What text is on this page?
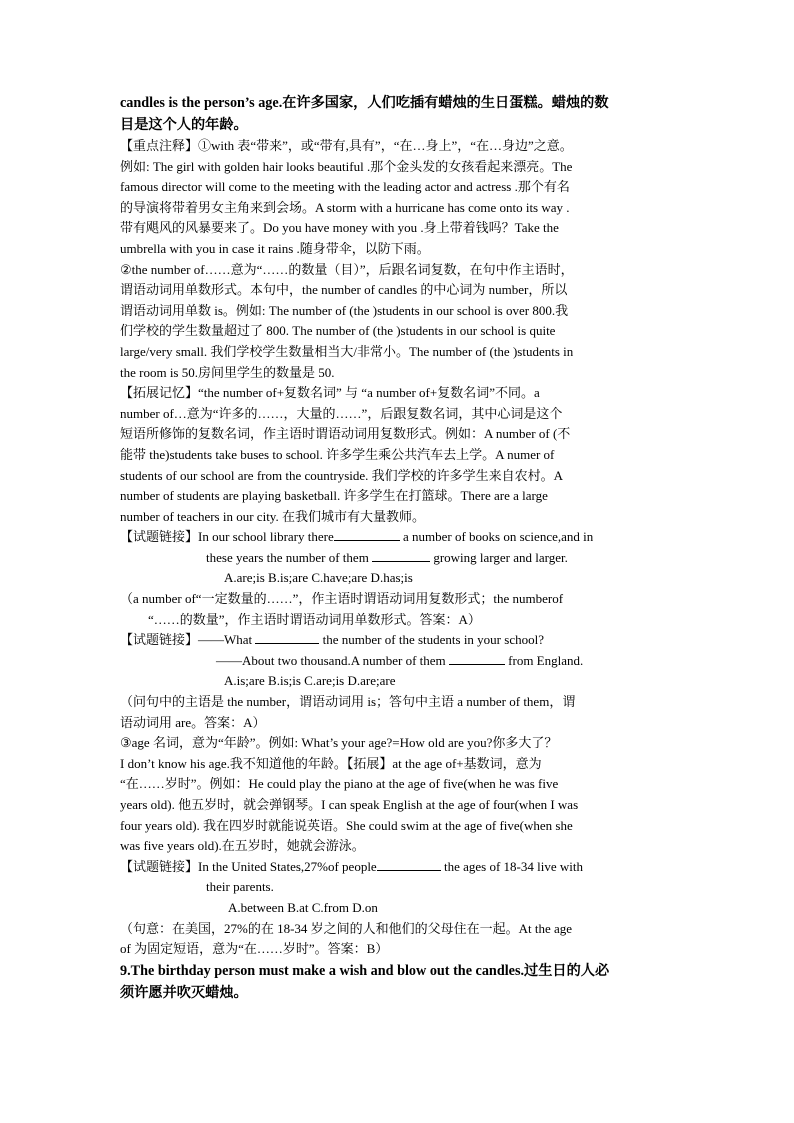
candles is the person’s age.在许多国家，人们吃插有蜡烛的生日蛋糕。蜡烛的数
目是这个人的年龄。
【重点注释】①with 表“带来”，或“带有,具有”，“在…身上”，“在…身边”之意。
例如: The girl with golden hair looks beautiful .那个金头发的女孩看起来漂亮。The
famous director will come to the meeting with the leading actor and actress .那个有名
的导演将带着男女主角来到会场。A storm with a hurricane has come onto its way .
带有飓风的风暴要来了。Do you have money with you .身上带着钱吗？Take the
umbrella with you in case it rains .随身带伞，以防下雨。
②the number of……意为“……的数量（目）”，后跟名词复数，在句中作主语时，
谓语动词用单数形式。本句中，the number of candles 的中心词为 number，所以
谓语动词用单数 is。例如: The number of (the )students in our school is over 800.我
们学校的学生数量超过了 800. The number of (the )students in our school is quite
large/very small. 我们学校学生数量相当大/非常小。The number of (the )students in
the room is 50.房间里学生的数量是 50.
【拓展记忆】“the number of+复数名词” 与 “a number of+复数名词”不同。a
number of…意为“许多的……，大量的……”，后跟复数名词，其中心词是这个
短语所修饰的复数名词，作主语时谓语动词用复数形式。例如：A number of (不
能带 the)students take buses to school. 许多学生乘公共汽车去上学。A numer of
students of our school are from the countryside. 我们学校的许多学生来自农村。A
number of students are playing basketball. 许多学生在打篮球。There are a large
number of teachers in our city. 在我们城市有大量教师。
【试题链接】In our school library there	a number of books on science,and in
these years the number of them	growing larger and larger.
A.are;is B.is;are C.have;are D.has;is
（a number of“一定数量的……”，作主语时谓语动词用复数形式；the numberof
“……的数量”，作主语时谓语动词用单数形式。答案：A）
【试题链接】——What	the number of the students in your school?
——About two thousand.A number of them	from England.
A.is;are B.is;is C.are;is D.are;are
（问句中的主语是 the number，谓语动词用 is；答句中主语 a number of them，谓
语动词用 are。答案：A）
③age 名词，意为“年龄”。例如: What’s your age?=How old are you?你多大了？
I don’t know his age.我不知道他的年龄。【拓展】at the age of+基数词，意为
“在……岁时”。例如：He could play the piano at the age of five(when he was five
years old). 他五岁时，就会弹钢琴。I can speak English at the age of four(when I was
four years old). 我在四岁时就能说英语。She could swim at the age of five(when she
was five years old).在五岁时，她就会游泳。
【试题链接】In the United States,27%of people	the ages of 18-34 live with
their parents.
A.between B.at C.from D.on
（句意：在美国，27%的在 18-34 岁之间的人和他们的父母住在一起。At the age
of 为固定短语，意为“在……岁时”。答案：B）
9.The birthday person must make a wish and blow out the candles.过生日的人必
须许愿并吹灭蜡烛。
